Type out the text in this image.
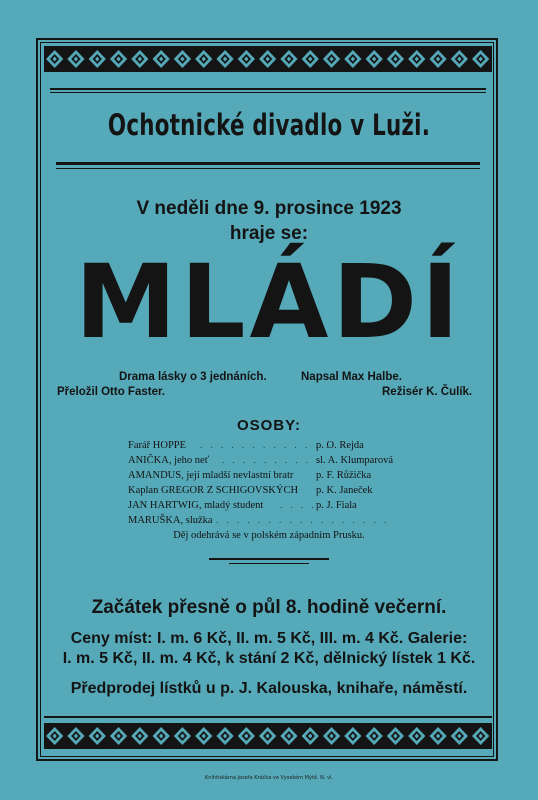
Ochotnické divadlo v Luži.

V neděli dne 9. prosince 1923

hraje se:

MLÁDÍ

Drama lásky o 3 jednáních.	Napsal Max Halbe.

Přeložil Otto Faster.	Režisér K. Čulík.

OSOBY:

Farář HOPPE . . . . . . . . . . . . .
p. O. Rejda
ANIČKA, jeho neť . . . . . . . . . .
sl. A. Klumparová
AMANDUS, její mladší nevlastní bratr p. F. Růžička
Kaplan GREGOR Z SCHIGOVSKÝCH p. K. Janeček
JAN HARTWIG, mladý student . . . . p. J. Fiala
MARUŠKA, služka . . . . . . . . . . . . . . . . .

Děj odehrává se v polském západním Prusku.

Začátek přesně o půl 8. hodině večerní.

Ceny míst: I. m. 6 Kč, II. m. 5 Kč, III. m. 4 Kč. Galerie:

I. m. 5 Kč, II. m. 4 Kč, k stání 2 Kč, dělnický lístek 1 Kč.

Předprodej lístků u p. J. Kalouska, knihaře, náměstí.

Knihtiskárna Josefa Kráčka ve Vysokém Mýtě. N. vl.
